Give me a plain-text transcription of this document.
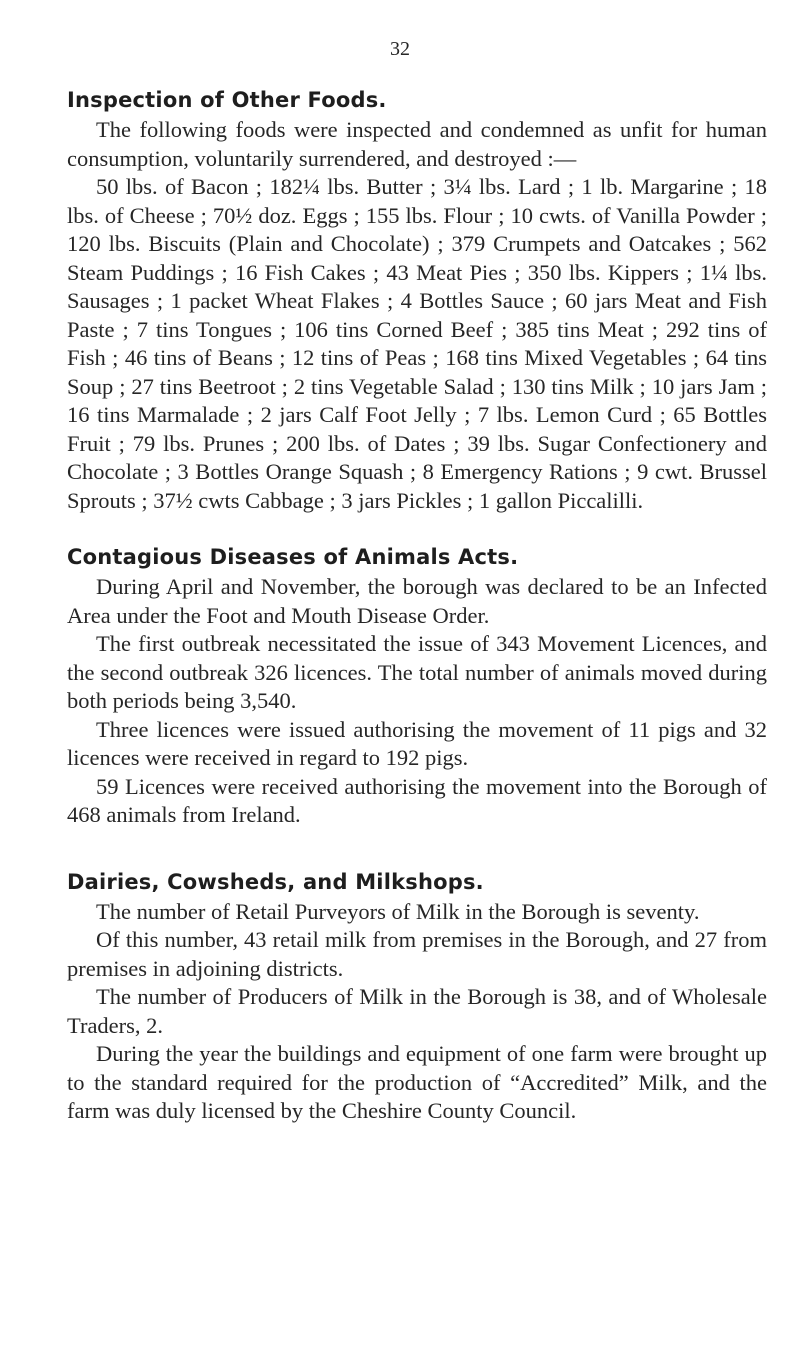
32
Inspection of Other Foods.

The following foods were inspected and condemned as unfit for human consumption, voluntarily surrendered, and destroyed :—

50 lbs. of Bacon ; 182¼ lbs. Butter ; 3¼ lbs. Lard ; 1 lb. Margarine ; 18 lbs. of Cheese ; 70½ doz. Eggs ; 155 lbs. Flour ; 10 cwts. of Vanilla Powder ; 120 lbs. Biscuits (Plain and Chocolate) ; 379 Crumpets and Oatcakes ; 562 Steam Puddings ; 16 Fish Cakes ; 43 Meat Pies ; 350 lbs. Kippers ; 1¼ lbs. Sausages ; 1 packet Wheat Flakes ; 4 Bottles Sauce ; 60 jars Meat and Fish Paste ; 7 tins Tongues ; 106 tins Corned Beef ; 385 tins Meat ; 292 tins of Fish ; 46 tins of Beans ; 12 tins of Peas ; 168 tins Mixed Vegetables ; 64 tins Soup ; 27 tins Beetroot ; 2 tins Vegetable Salad ; 130 tins Milk ; 10 jars Jam ; 16 tins Marmalade ; 2 jars Calf Foot Jelly ; 7 lbs. Lemon Curd ; 65 Bottles Fruit ; 79 lbs. Prunes ; 200 lbs. of Dates ; 39 lbs. Sugar Confectionery and Chocolate ; 3 Bottles Orange Squash ; 8 Emergency Rations ; 9 cwt. Brussel Sprouts ; 37½ cwts Cabbage ; 3 jars Pickles ; 1 gallon Piccalilli.

Contagious Diseases of Animals Acts.

During April and November, the borough was declared to be an Infected Area under the Foot and Mouth Disease Order.

The first outbreak necessitated the issue of 343 Movement Licences, and the second outbreak 326 licences. The total number of animals moved during both periods being 3,540.

Three licences were issued authorising the movement of 11 pigs and 32 licences were received in regard to 192 pigs.

59 Licences were received authorising the movement into the Borough of 468 animals from Ireland.

Dairies, Cowsheds, and Milkshops.

The number of Retail Purveyors of Milk in the Borough is seventy.

Of this number, 43 retail milk from premises in the Borough, and 27 from premises in adjoining districts.

The number of Producers of Milk in the Borough is 38, and of Wholesale Traders, 2.

During the year the buildings and equipment of one farm were brought up to the standard required for the production of “Accredited” Milk, and the farm was duly licensed by the Cheshire County Council.
